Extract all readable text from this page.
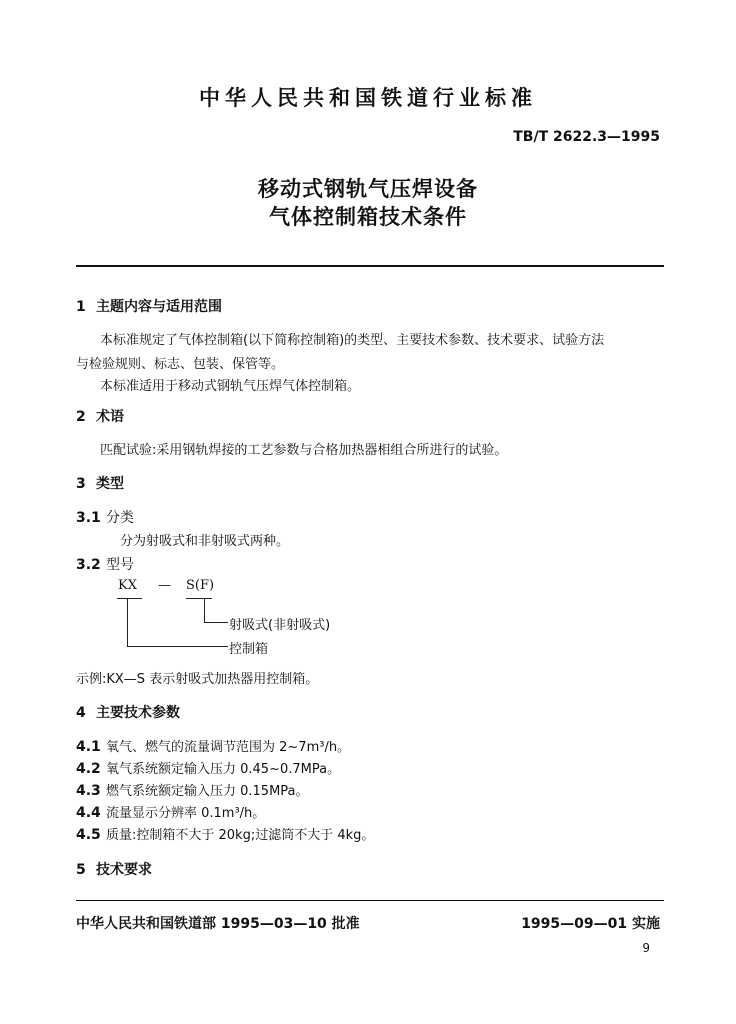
中华人民共和国铁道行业标准
TB/T 2622.3—1995
移动式钢轨气压焊设备
气体控制箱技术条件
1 主题内容与适用范围
本标准规定了气体控制箱(以下简称控制箱)的类型、主要技术参数、技术要求、试验方法
与检验规则、标志、包装、保管等。
本标准适用于移动式钢轨气压焊气体控制箱。
2 术语
匹配试验:采用钢轨焊接的工艺参数与合格加热器相组合所进行的试验。
3 类型
3.1 分类
分为射吸式和非射吸式两种。
3.2 型号
KX — S(F)
射吸式(非射吸式)
控制箱
示例:KX—S 表示射吸式加热器用控制箱。
4 主要技术参数
4.1 氧气、燃气的流量调节范围为 2~7m³/h。
4.2 氧气系统额定输入压力 0.45~0.7MPa。
4.3 燃气系统额定输入压力 0.15MPa。
4.4 流量显示分辨率 0.1m³/h。
4.5 质量:控制箱不大于 20kg;过滤筒不大于 4kg。
5 技术要求
中华人民共和国铁道部 1995—03—10 批准	1995—09—01 实施
9
